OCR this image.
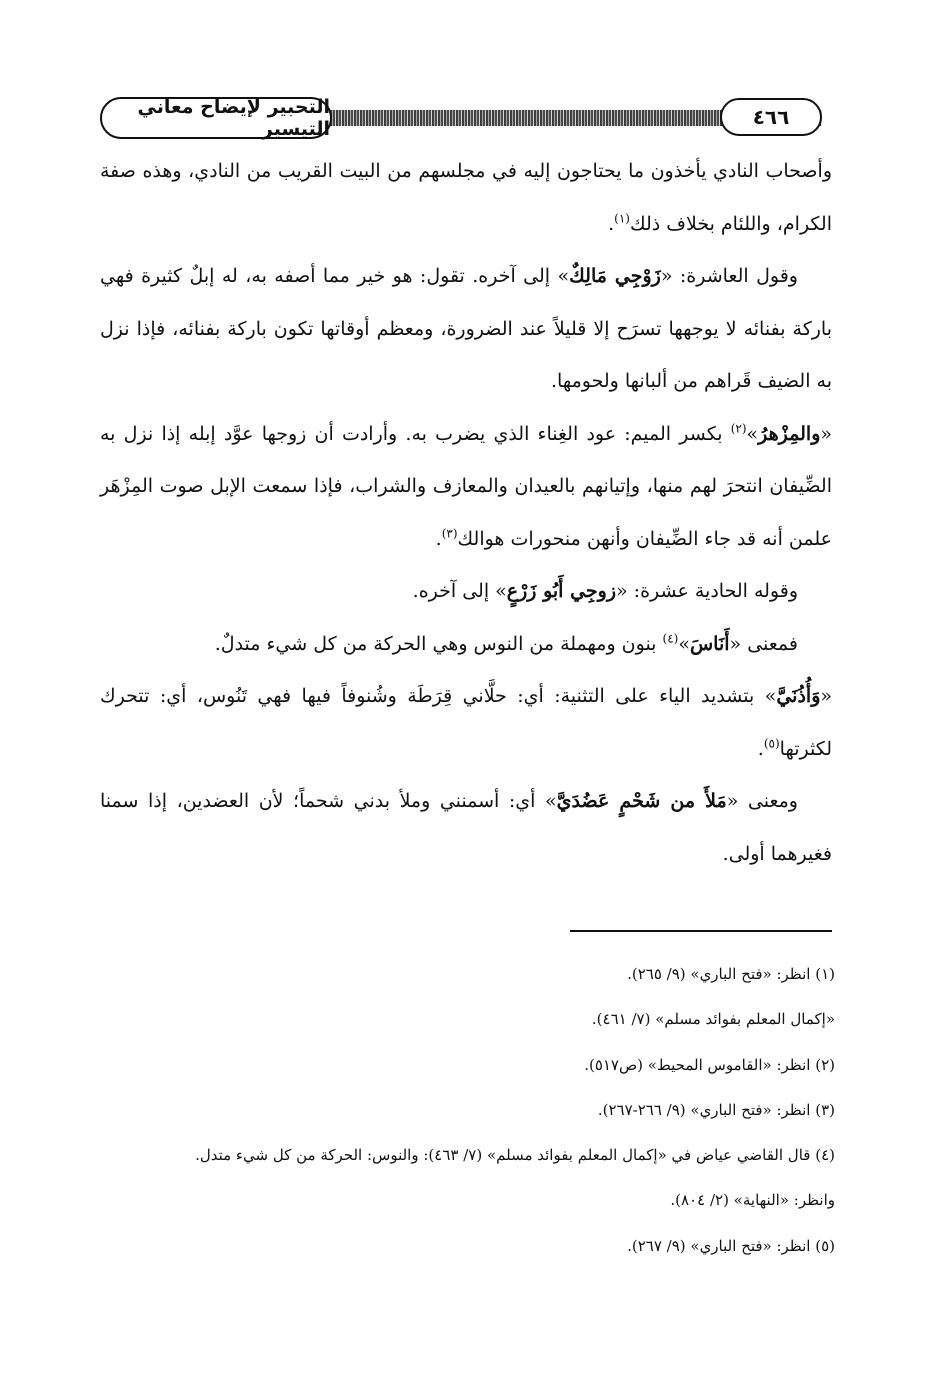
التحبير لإيضاح معاني التيسير	٤٦٦

وأصحاب النادي يأخذون ما يحتاجون إليه في مجلسهم من البيت القريب من النادي، وهذه صفة الكرام، واللئام بخلاف ذلك$^{(١)}$.

وقول العاشرة: «زَوْجِي مَالِكٌ» إلى آخره. تقول: هو خير مما أصفه به، له إبلٌ كثيرة فهي باركة بفنائه لا يوجهها تسرَح إلا قليلاً عند الضرورة، ومعظم أوقاتها تكون باركة بفنائه، فإذا نزل به الضيف قَراهم من ألبانها ولحومها.

«والمِزْهرُ»$^{(٢)}$ بكسر الميم: عود الغِناء الذي يضرب به. وأرادت أن زوجها عوَّد إبله إذا نزل به الضِّيفان انتحرَ لهم منها، وإتيانهم بالعيدان والمعازف والشراب، فإذا سمعت الإبل صوت المِزْهَر علمن أنه قد جاء الضِّيفان وأنهن منحورات هوالك$^{(٣)}$.

وقوله الحادية عشرة: «زوجِي أَبُو زَرْعٍ» إلى آخره.

فمعنى «أَنَاسَ»$^{(٤)}$ بنون ومهملة من النوس وهي الحركة من كل شيء متدلٌ.

«وَأُذُنَيَّ» بتشديد الياء على التثنية: أي: حلَّاني قِرَطَة وشُنوفاً فيها فهي تَنُوس، أي: تتحرك لكثرتها$^{(٥)}$.

ومعنى «مَلأَ من شَحْمٍ عَضُدَيَّ» أي: أسمنني وملأ بدني شحماً؛ لأن العضدين، إذا سمنا فغيرهما أولى.

(١) انظر: «فتح الباري» (٩/ ٢٦٥).

«إكمال المعلم بفوائد مسلم» (٧/ ٤٦١).

(٢) انظر: «القاموس المحيط» (ص٥١٧).

(٣) انظر: «فتح الباري» (٩/ ٢٦٦-٢٦٧).

(٤) قال القاضي عياض في «إكمال المعلم بفوائد مسلم» (٧/ ٤٦٣): والنوس: الحركة من كل شيء متدل.

وانظر: «النهاية» (٢/ ٨٠٤).

(٥) انظر: «فتح الباري» (٩/ ٢٦٧).
